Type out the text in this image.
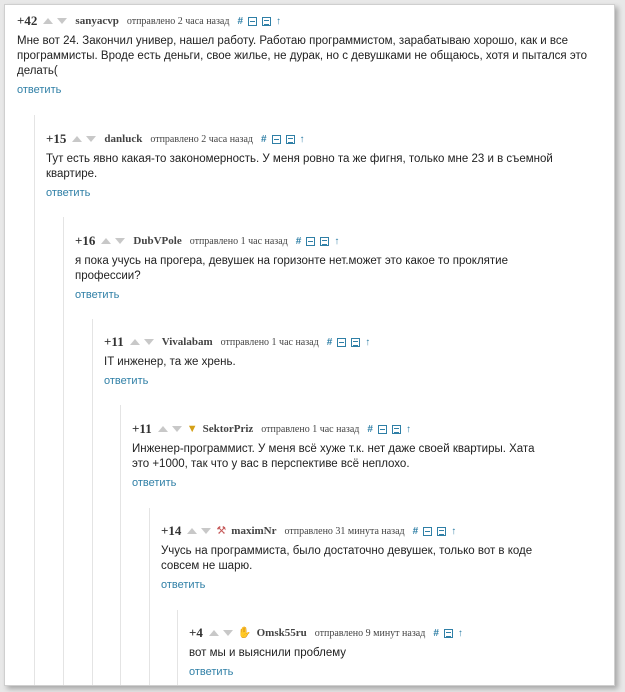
+42	sanyacvp отправлено 2 часа назад #	↑
Мне вот 24. Закончил универ, нашел работу. Работаю программистом, зарабатываю хорошо, как и все программисты. Вроде есть деньги, свое жилье, не дурак, но с девушками не общаюсь, хотя и пытался это делать(
ответить
+15	danluck отправлено 2 часа назад #	↑
Тут есть явно какая-то закономерность. У меня ровно та же фигня, только мне 23 и в съемной квартире.
ответить
+16	DubVPole отправлено 1 час назад #	↑
я пока учусь на прогера, девушек на горизонте нет.может это какое то проклятие профессии?
ответить
+11	Vivalabam отправлено 1 час назад #	↑
IT инженер, та же хрень.
ответить
+11	▼ SektorPriz отправлено 1 час назад #	↑
Инженер-программист. У меня всё хуже т.к. нет даже своей квартиры. Хата это +1000, так что у вас в перспективе всё неплохо.
ответить
+14	⚒ maximNr отправлено 31 минута назад #	↑
Учусь на программиста, было достаточно девушек, только вот в коде совсем не шарю.
ответить
+4	✋ Omsk55ru отправлено 9 минут назад # ↑
вот мы и выяснили проблему
ответить
